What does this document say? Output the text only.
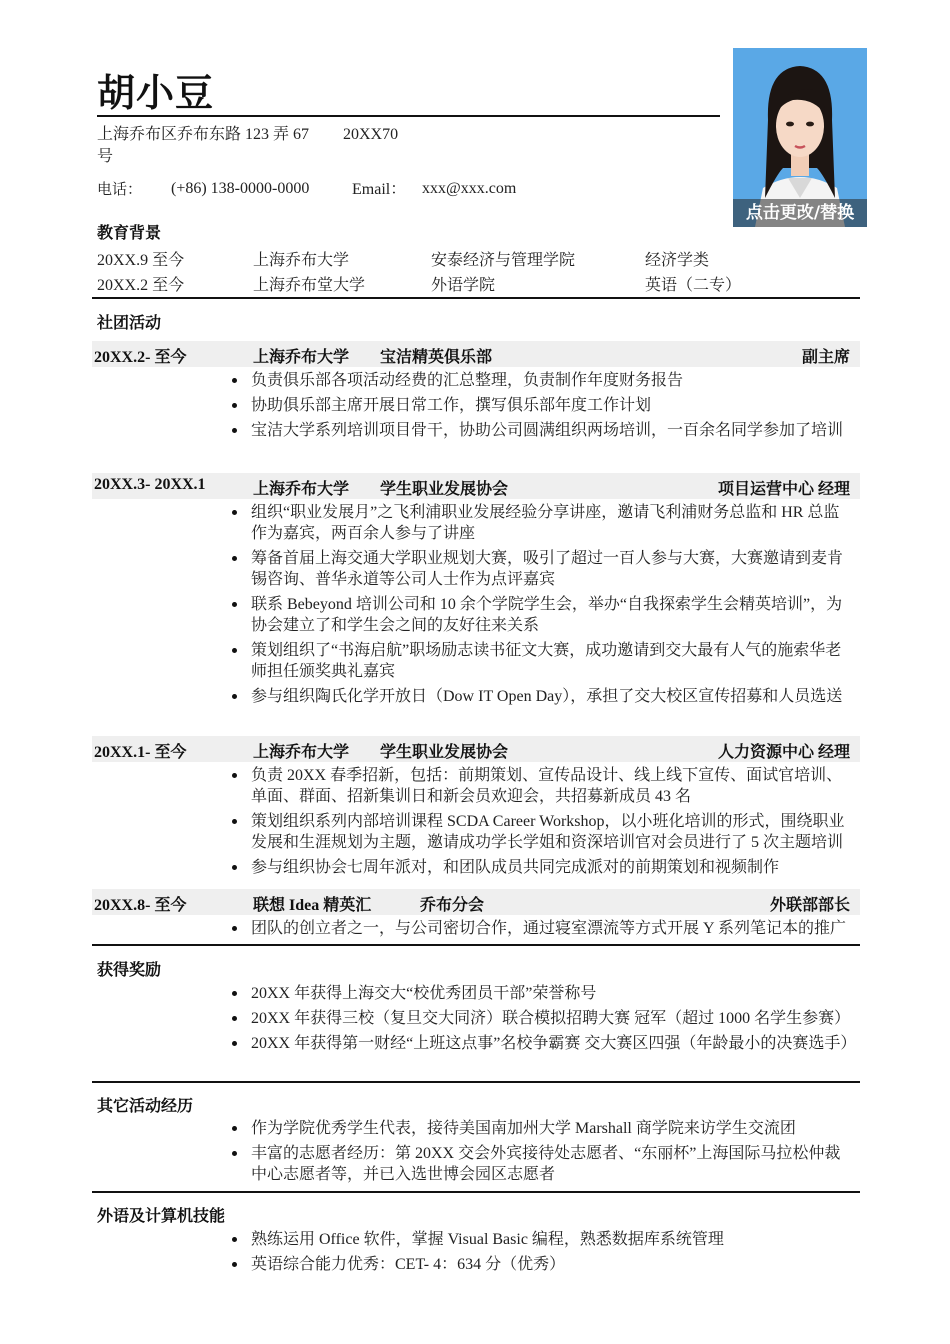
胡小豆
上海乔布区乔布东路 123 弄 67 号
20XX70
电话： (+86) 138-0000-0000	Email： xxx@xxx.com
点击更改/替换
教育背景
20XX.9 至今	上海乔布大学	安泰经济与管理学院	经济学类
20XX.2 至今	上海乔布堂大学	外语学院	英语（二专）
社团活动
20XX.2- 至今	上海乔布大学 宝洁精英俱乐部	副主席
负责俱乐部各项活动经费的汇总整理，负责制作年度财务报告
协助俱乐部主席开展日常工作，撰写俱乐部年度工作计划
宝洁大学系列培训项目骨干，协助公司圆满组织两场培训，一百余名同学参加了培训
20XX.3- 20XX.1	上海乔布大学 学生职业发展协会	项目运营中心 经理
组织“职业发展月”之飞利浦职业发展经验分享讲座，邀请飞利浦财务总监和 HR 总监作为嘉宾，两百余人参与了讲座
筹备首届上海交通大学职业规划大赛，吸引了超过一百人参与大赛，大赛邀请到麦肯锡咨询、普华永道等公司人士作为点评嘉宾
联系 Bebeyond 培训公司和 10 余个学院学生会，举办“自我探索学生会精英培训”，为协会建立了和学生会之间的友好往来关系
策划组织了“书海启航”职场励志读书征文大赛，成功邀请到交大最有人气的施索华老师担任颁奖典礼嘉宾
参与组织陶氏化学开放日（Dow IT Open Day），承担了交大校区宣传招募和人员选送
20XX.1- 至今	上海乔布大学 学生职业发展协会	人力资源中心 经理
负责 20XX 春季招新，包括：前期策划、宣传品设计、线上线下宣传、面试官培训、单面、群面、招新集训日和新会员欢迎会，共招募新成员 43 名
策划组织系列内部培训课程 SCDA Career Workshop，以小班化培训的形式，围绕职业发展和生涯规划为主题，邀请成功学长学姐和资深培训官对会员进行了 5 次主题培训
参与组织协会七周年派对，和团队成员共同完成派对的前期策划和视频制作
20XX.8- 至今	联想 Idea 精英汇	乔布分会	外联部部长
团队的创立者之一，与公司密切合作，通过寝室漂流等方式开展 Y 系列笔记本的推广
获得奖励
20XX 年获得上海交大“校优秀团员干部”荣誉称号
20XX 年获得三校（复旦交大同济）联合模拟招聘大赛 冠军（超过 1000 名学生参赛）
20XX 年获得第一财经“上班这点事”名校争霸赛 交大赛区四强（年龄最小的决赛选手）
其它活动经历
作为学院优秀学生代表，接待美国南加州大学 Marshall 商学院来访学生交流团
丰富的志愿者经历：第 20XX 交会外宾接待处志愿者、“东丽杯”上海国际马拉松仲裁中心志愿者等，并已入选世博会园区志愿者
外语及计算机技能
熟练运用 Office 软件，掌握 Visual Basic 编程，熟悉数据库系统管理
英语综合能力优秀：CET- 4：634 分（优秀）
